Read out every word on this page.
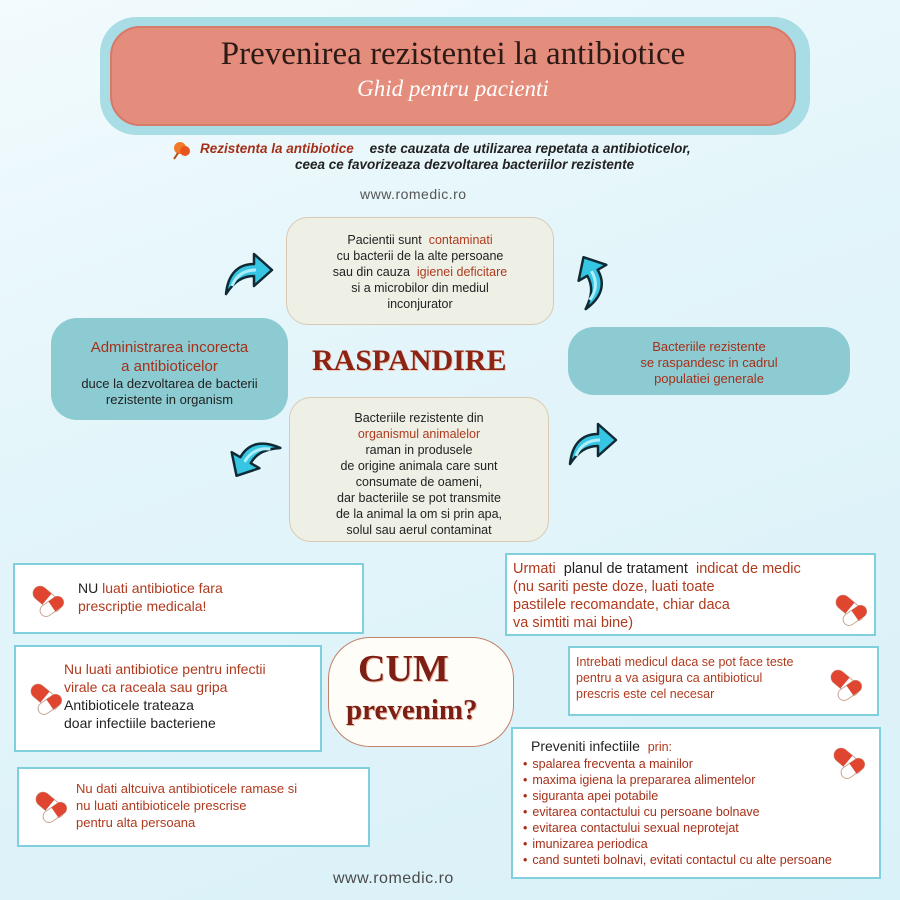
Prevenirea rezistentei la antibiotice
Ghid pentru pacienti
Rezistenta la antibiotice este cauzata de utilizarea repetata a antibioticelor,
ceea ce favorizeaza dezvoltarea bacteriilor rezistente
www.romedic.ro
Pacientii sunt contaminati
cu bacterii de la alte persoane
sau din cauza igienei deficitare
si a microbilor din mediul
inconjurator
Administrarea incorecta
a antibioticelor
duce la dezvoltarea de bacterii
rezistente in organism
Bacteriile rezistente
se raspandesc in cadrul
populatiei generale
RASPANDIRE
Bacteriile rezistente din
organismul animalelor
raman in produsele
de origine animala care sunt
consumate de oameni,
dar bacteriile se pot transmite
de la animal la om si prin apa,
solul sau aerul contaminat
CUM
prevenim?
NU luati antibiotice fara
prescriptie medicala!
Nu luati antibiotice pentru infectii
virale ca raceala sau gripa
Antibioticele trateaza
doar infectiile bacteriene
Nu dati altcuiva antibioticele ramase si
nu luati antibioticele prescrise
pentru alta persoana
Urmati planul de tratament indicat de medic
(nu sariti peste doze, luati toate
pastilele recomandate, chiar daca
va simtiti mai bine)
Intrebati medicul daca se pot face teste
pentru a va asigura ca antibioticul
prescris este cel necesar
Preveniti infectiile prin:
• spalarea frecventa a mainilor
• maxima igiena la prepararea alimentelor
• siguranta apei potabile
• evitarea contactului cu persoane bolnave
• evitarea contactului sexual neprotejat
• imunizarea periodica
• cand sunteti bolnavi, evitati contactul cu alte persoane
www.romedic.ro
